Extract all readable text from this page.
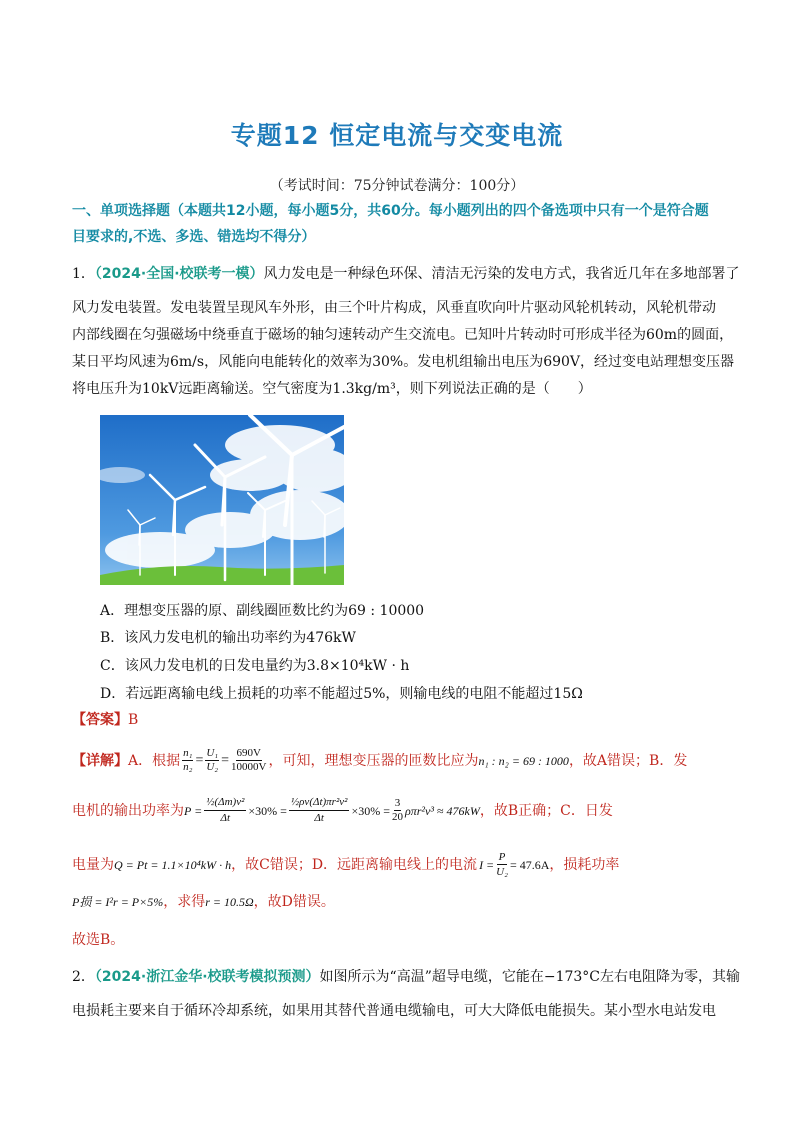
专题12 恒定电流与交变电流
（考试时间：75分钟试卷满分：100分）
一、单项选择题（本题共12小题，每小题5分，共60分。每小题列出的四个备选项中只有一个是符合题
目要求的,不选、多选、错选均不得分）
1．（2024·全国·校联考一模）风力发电是一种绿色环保、清洁无污染的发电方式，我省近几年在多地部署了
风力发电装置。发电装置呈现风车外形，由三个叶片构成，风垂直吹向叶片驱动风轮机转动，风轮机带动
内部线圈在匀强磁场中绕垂直于磁场的轴匀速转动产生交流电。已知叶片转动时可形成半径为60m的圆面，
某日平均风速为6m/s，风能向电能转化的效率为30%。发电机组输出电压为690V，经过变电站理想变压器
将电压升为10kV远距离输送。空气密度为1.3kg/m³，则下列说法正确的是（　　）
A．理想变压器的原、副线圈匝数比约为69 : 10000
B．该风力发电机的输出功率约为476kW
C．该风力发电机的日发电量约为3.8×10⁴kW · h
D．若远距离输电线上损耗的功率不能超过5%，则输电线的电阻不能超过15Ω
【答案】B
【详解】 A．根据 $\frac{\text{n₁}}{\text{n₂}} = \frac{\text{U₁}}{\text{U₂}} = \frac{690V}{10000V}$ ，可知，理想变压器的匝数比应为 n₁ : n₂ = 69 : 1000 ，故A错误；B．发
电机的输出功率为 $P = \frac{\text{½(Δm)v²}}{\Delta t} \times 30\% = \frac{\text{½ρv(Δt)πr²v²}}{\Delta t} \times 30\% = \frac{3}{20} \rho\pi r^2v^3 \approx 476kW$ ，故B正确；C．日发
电量为 Q = Pt = 1.1×10⁴kW · h ，故C错误；D．远距离输电线上的电流 $I = \frac{P}{\text{U₂}} = 47.6A$ ，损耗功率
P损 = I²r = P×5%，求得r = 10.5Ω，故D错误。
故选B。
2．（2024·浙江金华·校联考模拟预测）如图所示为“高温”超导电缆，它能在−173°C左右电阻降为零，其输
电损耗主要来自于循环冷却系统，如果用其替代普通电缆输电，可大大降低电能损失。某小型水电站发电
